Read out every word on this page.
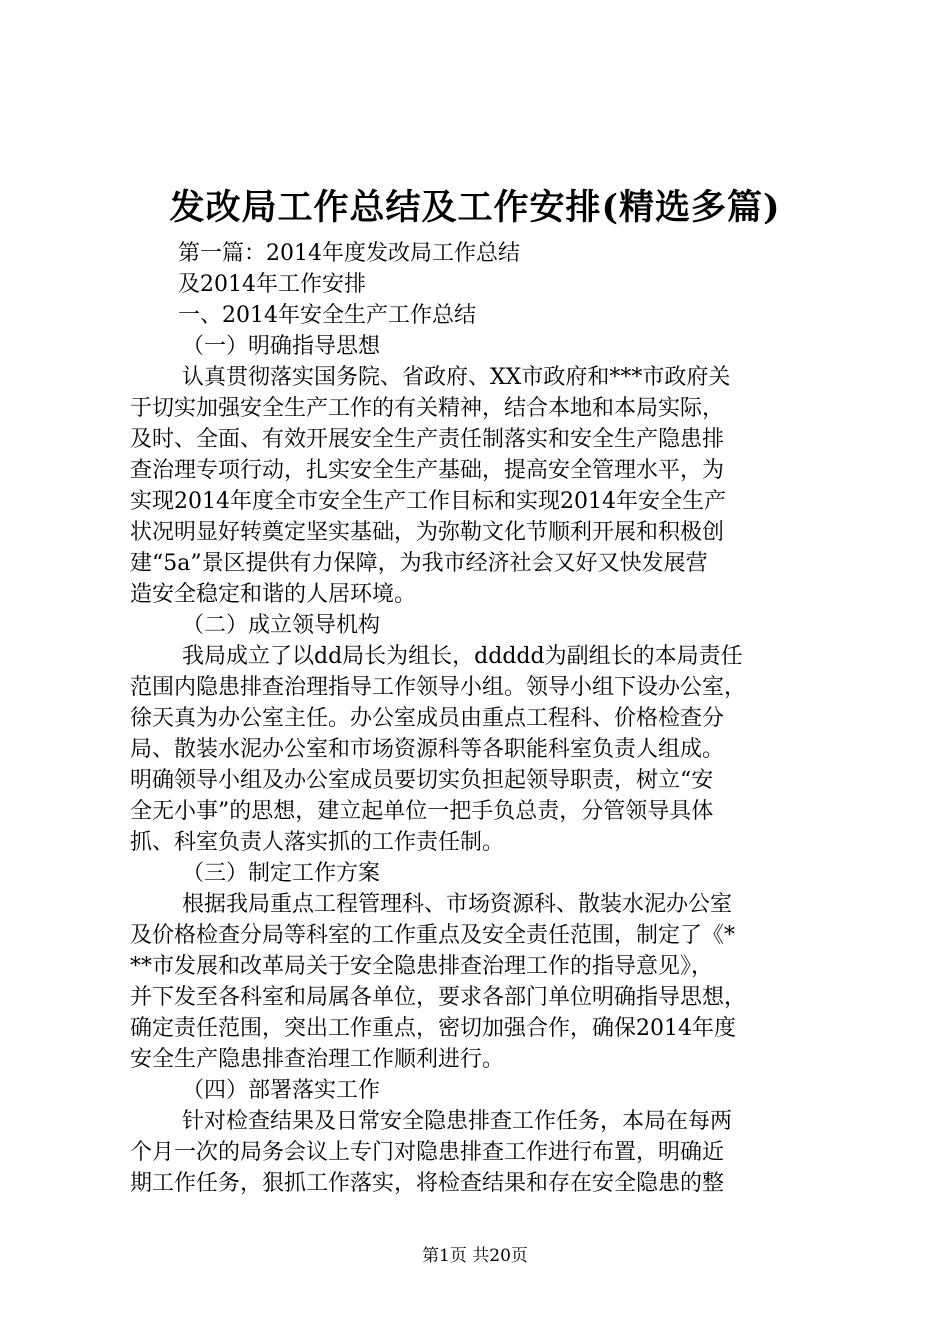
发改局工作总结及工作安排(精选多篇)
第一篇：2014年度发改局工作总结
及2014年工作安排
一、2014年安全生产工作总结
（一）明确指导思想
认真贯彻落实国务院、省政府、XX市政府和***市政府关
于切实加强安全生产工作的有关精神，结合本地和本局实际，
及时、全面、有效开展安全生产责任制落实和安全生产隐患排
查治理专项行动，扎实安全生产基础，提高安全管理水平，为
实现2014年度全市安全生产工作目标和实现2014年安全生产
状况明显好转奠定坚实基础，为弥勒文化节顺利开展和积极创
建“5a”景区提供有力保障，为我市经济社会又好又快发展营
造安全稳定和谐的人居环境。
（二）成立领导机构
我局成立了以dd局长为组长，ddddd为副组长的本局责任
范围内隐患排查治理指导工作领导小组。领导小组下设办公室，
徐天真为办公室主任。办公室成员由重点工程科、价格检查分
局、散装水泥办公室和市场资源科等各职能科室负责人组成。
明确领导小组及办公室成员要切实负担起领导职责，树立“安
全无小事”的思想，建立起单位一把手负总责，分管领导具体
抓、科室负责人落实抓的工作责任制。
（三）制定工作方案
根据我局重点工程管理科、市场资源科、散装水泥办公室
及价格检查分局等科室的工作重点及安全责任范围，制定了《*
**市发展和改革局关于安全隐患排查治理工作的指导意见》，
并下发至各科室和局属各单位，要求各部门单位明确指导思想，
确定责任范围，突出工作重点，密切加强合作，确保2014年度
安全生产隐患排查治理工作顺利进行。
（四）部署落实工作
针对检查结果及日常安全隐患排查工作任务，本局在每两
个月一次的局务会议上专门对隐患排查工作进行布置，明确近
期工作任务，狠抓工作落实，将检查结果和存在安全隐患的整
第1页 共20页
